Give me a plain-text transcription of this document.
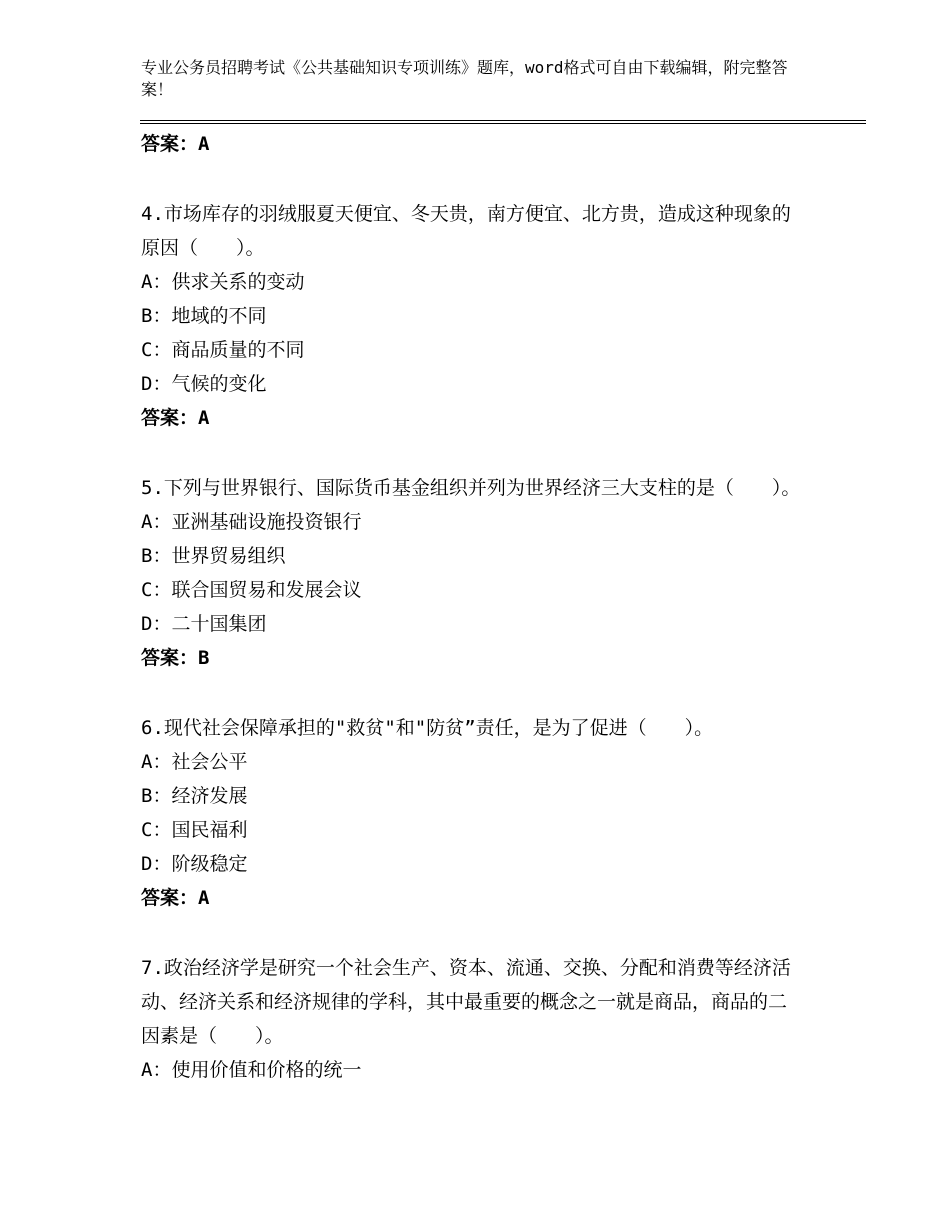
专业公务员招聘考试《公共基础知识专项训练》题库，word格式可自由下载编辑，附完整答案！
答案：A
4.市场库存的羽绒服夏天便宜、冬天贵，南方便宜、北方贵，造成这种现象的原因（　　）。
A：供求关系的变动
B：地域的不同
C：商品质量的不同
D：气候的变化
答案：A
5.下列与世界银行、国际货币基金组织并列为世界经济三大支柱的是（　　）。
A：亚洲基础设施投资银行
B：世界贸易组织
C：联合国贸易和发展会议
D：二十国集团
答案：B
6.现代社会保障承担的"救贫"和"防贫”责任，是为了促进（　　）。
A：社会公平
B：经济发展
C：国民福利
D：阶级稳定
答案：A
7.政治经济学是研究一个社会生产、资本、流通、交换、分配和消费等经济活动、经济关系和经济规律的学科，其中最重要的概念之一就是商品，商品的二因素是（　　）。
A：使用价值和价格的统一
